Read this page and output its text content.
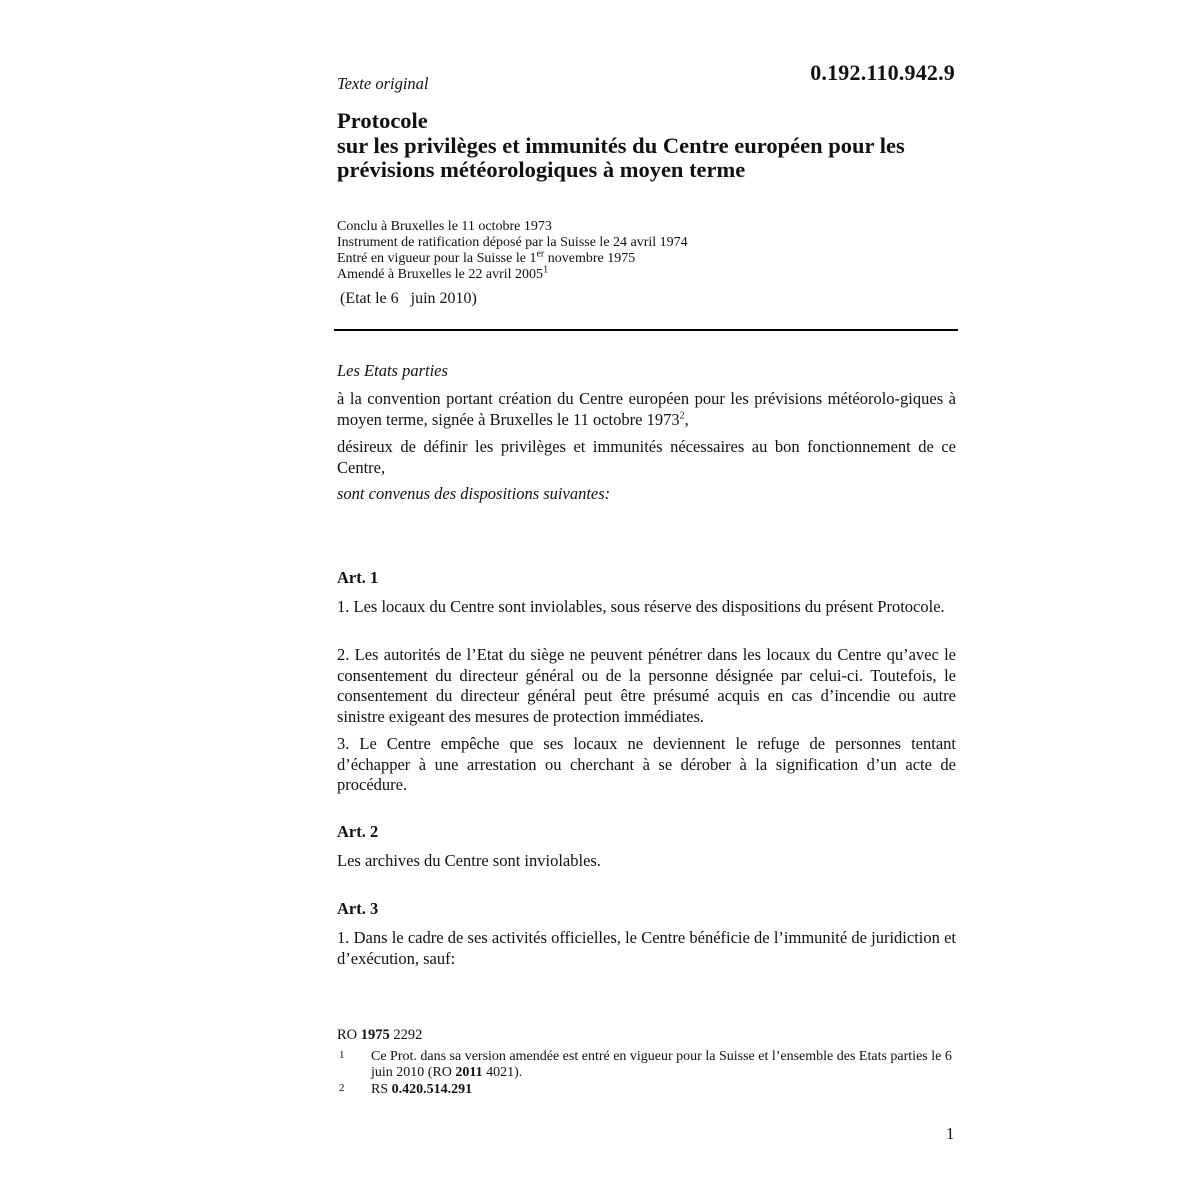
0.192.110.942.9
Texte original
Protocole
sur les privilèges et immunités du Centre européen pour les
prévisions météorologiques à moyen terme
Conclu à Bruxelles le 11 octobre 1973
Instrument de ratification déposé par la Suisse le 24 avril 1974
Entré en vigueur pour la Suisse le 1er novembre 1975
Amendé à Bruxelles le 22 avril 2005$^1$
(Etat le 6   juin 2010)
Les Etats parties
à la convention portant création du Centre européen pour les prévisions météorolo-giques à moyen terme, signée à Bruxelles le 11 octobre 1973$^2$,
désireux de définir les privilèges et immunités nécessaires au bon fonctionnement de ce Centre,
sont convenus des dispositions suivantes:
Art. 1
1. Les locaux du Centre sont inviolables, sous réserve des dispositions du présent Protocole.
2. Les autorités de l’Etat du siège ne peuvent pénétrer dans les locaux du Centre qu’avec le consentement du directeur général ou de la personne désignée par celui-ci. Toutefois, le consentement du directeur général peut être présumé acquis en cas d’incendie ou autre sinistre exigeant des mesures de protection immédiates.
3. Le Centre empêche que ses locaux ne deviennent le refuge de personnes tentant d’échapper à une arrestation ou cherchant à se dérober à la signification d’un acte de procédure.
Art. 2
Les archives du Centre sont inviolables.
Art. 3
1. Dans le cadre de ses activités officielles, le Centre bénéficie de l’immunité de juridiction et d’exécution, sauf:
RO 1975 2292
1 Ce Prot. dans sa version amendée est entré en vigueur pour la Suisse et l’ensemble des Etats parties le 6 juin 2010 (RO 2011 4021).
2 RS 0.420.514.291
1
